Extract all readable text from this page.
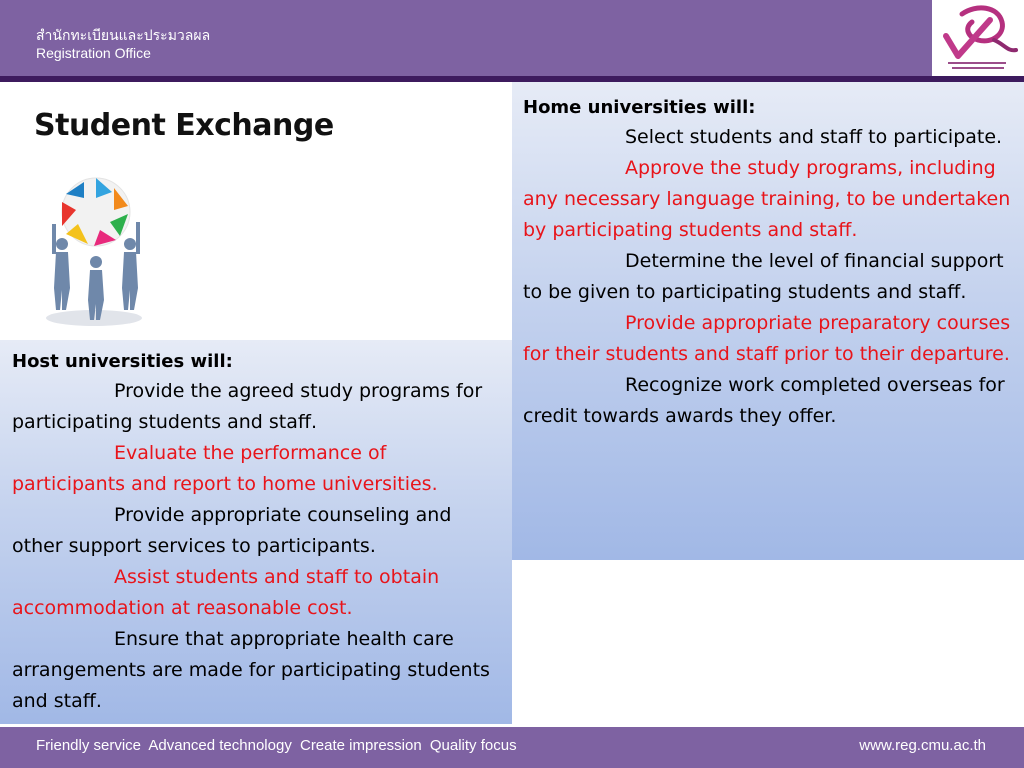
สำนักทะเบียนและประมวลผล
Registration Office
Student Exchange
Home universities will:
Select students and staff to participate.
Approve the study programs, including any necessary language training, to be undertaken by participating students and staff.
Determine the level of financial support to be given to participating students and staff.
Provide appropriate preparatory courses for their students and staff prior to their departure.
Recognize work completed overseas for credit towards awards they offer.
Host universities will:
Provide the agreed study programs for participating students and staff.
Evaluate the performance of participants and report to home universities.
Provide appropriate counseling and other support services to participants.
Assist students and staff to obtain accommodation at reasonable cost.
Ensure that appropriate health care arrangements are made for participating students and staff.
Friendly service Advanced technology Create impression Quality focus	www.reg.cmu.ac.th
